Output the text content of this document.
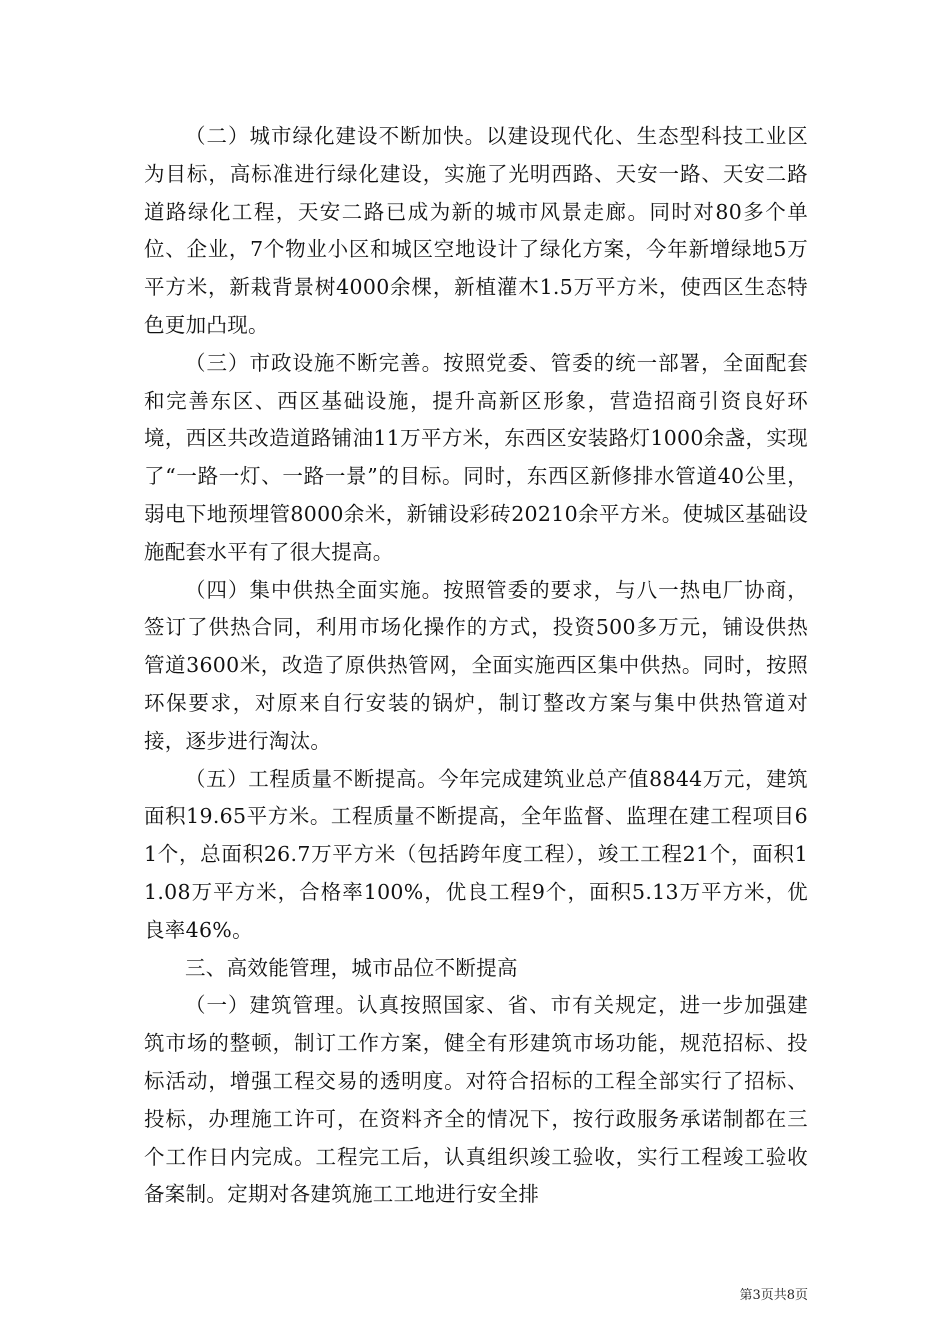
（二）城市绿化建设不断加快。以建设现代化、生态型科技工业区为目标，高标准进行绿化建设，实施了光明西路、天安一路、天安二路道路绿化工程，天安二路已成为新的城市风景走廊。同时对80多个单位、企业，7个物业小区和城区空地设计了绿化方案，今年新增绿地5万平方米，新栽背景树4000余棵，新植灌木1.5万平方米，使西区生态特色更加凸现。

（三）市政设施不断完善。按照党委、管委的统一部署，全面配套和完善东区、西区基础设施，提升高新区形象，营造招商引资良好环境，西区共改造道路铺油11万平方米，东西区安装路灯1000余盏，实现了“一路一灯、一路一景”的目标。同时，东西区新修排水管道40公里，弱电下地预埋管8000余米，新铺设彩砖20210余平方米。使城区基础设施配套水平有了很大提高。

（四）集中供热全面实施。按照管委的要求，与八一热电厂协商，签订了供热合同，利用市场化操作的方式，投资500多万元，铺设供热管道3600米，改造了原供热管网，全面实施西区集中供热。同时，按照环保要求，对原来自行安装的锅炉，制订整改方案与集中供热管道对接，逐步进行淘汰。

（五）工程质量不断提高。今年完成建筑业总产值8844万元，建筑面积19.65平方米。工程质量不断提高，全年监督、监理在建工程项目61个，总面积26.7万平方米（包括跨年度工程），竣工工程21个，面积11.08万平方米，合格率100%，优良工程9个，面积5.13万平方米，优良率46%。

三、高效能管理，城市品位不断提高

（一）建筑管理。认真按照国家、省、市有关规定，进一步加强建筑市场的整顿，制订工作方案，健全有形建筑市场功能，规范招标、投标活动，增强工程交易的透明度。对符合招标的工程全部实行了招标、投标，办理施工许可，在资料齐全的情况下，按行政服务承诺制都在三个工作日内完成。工程完工后，认真组织竣工验收，实行工程竣工验收备案制。定期对各建筑施工工地进行安全排

第3页共8页
